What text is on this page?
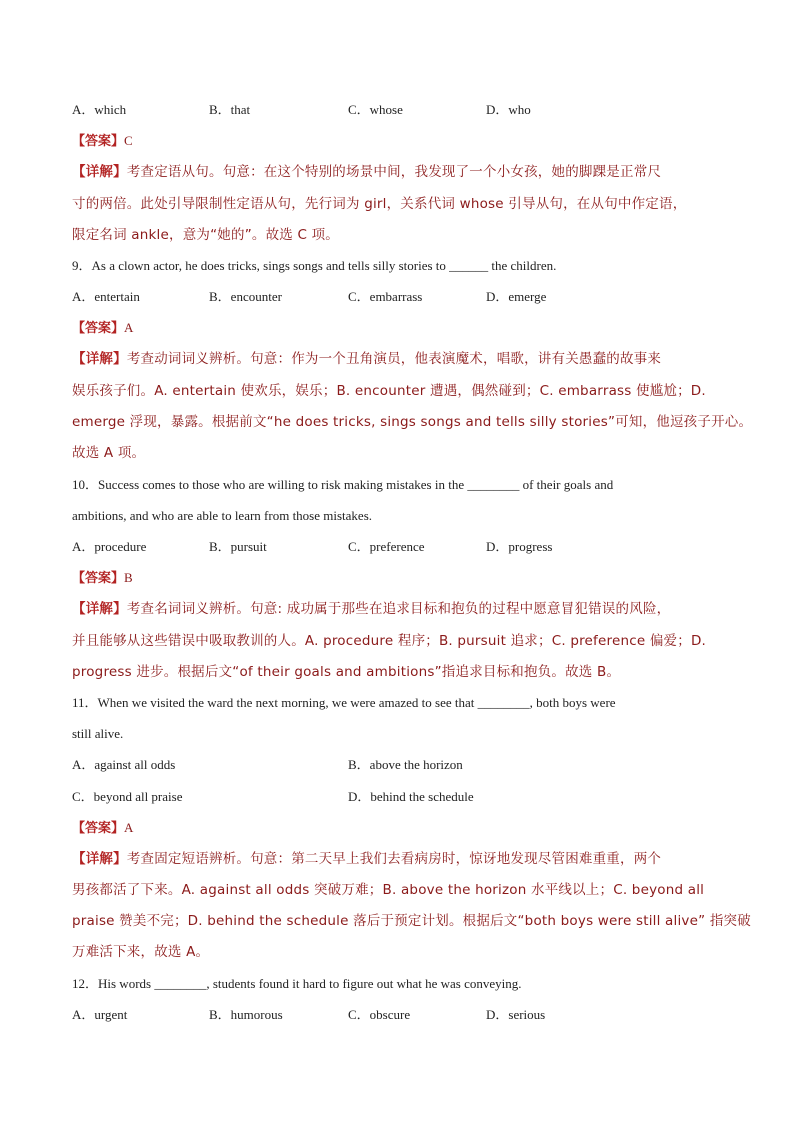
A．which	B．that	C．whose	D．who
【答案】C
【详解】考查定语从句。句意：在这个特别的场景中间，我发现了一个小女孩，她的脚踝是正常尺
寸的两倍。此处引导限制性定语从句，先行词为 girl，关系代词 whose 引导从句，在从句中作定语，
限定名词 ankle，意为“她的”。故选 C 项。
9．As a clown actor, he does tricks, sings songs and tells silly stories to ______ the children.
A．entertain	B．encounter	C．embarrass	D．emerge
【答案】A
【详解】考查动词词义辨析。句意：作为一个丑角演员，他表演魔术，唱歌，讲有关愚蠢的故事来
娱乐孩子们。A. entertain 使欢乐，娱乐；B. encounter 遭遇，偶然碰到；C. embarrass 使尴尬；D.
emerge 浮现，暴露。根据前文“he does tricks, sings songs and tells silly stories”可知，他逗孩子开心。
故选 A 项。
10．Success comes to those who are willing to risk making mistakes in the ________ of their goals and
ambitions, and who are able to learn from those mistakes.
A．procedure	B．pursuit	C．preference	D．progress
【答案】B
【详解】考查名词词义辨析。句意: 成功属于那些在追求目标和抱负的过程中愿意冒犯错误的风险，
并且能够从这些错误中吸取教训的人。A. procedure 程序；B. pursuit 追求；C. preference 偏爱；D.
progress 进步。根据后文“of their goals and ambitions”指追求目标和抱负。故选 B。
11．When we visited the ward the next morning, we were amazed to see that ________, both boys were
still alive.
A．against all odds	B．above the horizon
C．beyond all praise	D．behind the schedule
【答案】A
【详解】考查固定短语辨析。句意：第二天早上我们去看病房时，惊讶地发现尽管困难重重，两个
男孩都活了下来。A. against all odds 突破万难；B. above the horizon 水平线以上；C. beyond all
praise 赞美不完；D. behind the schedule 落后于预定计划。根据后文“both boys were still alive” 指突破
万难活下来，故选 A。
12．His words ________, students found it hard to figure out what he was conveying.
A．urgent	B．humorous	C．obscure	D．serious
